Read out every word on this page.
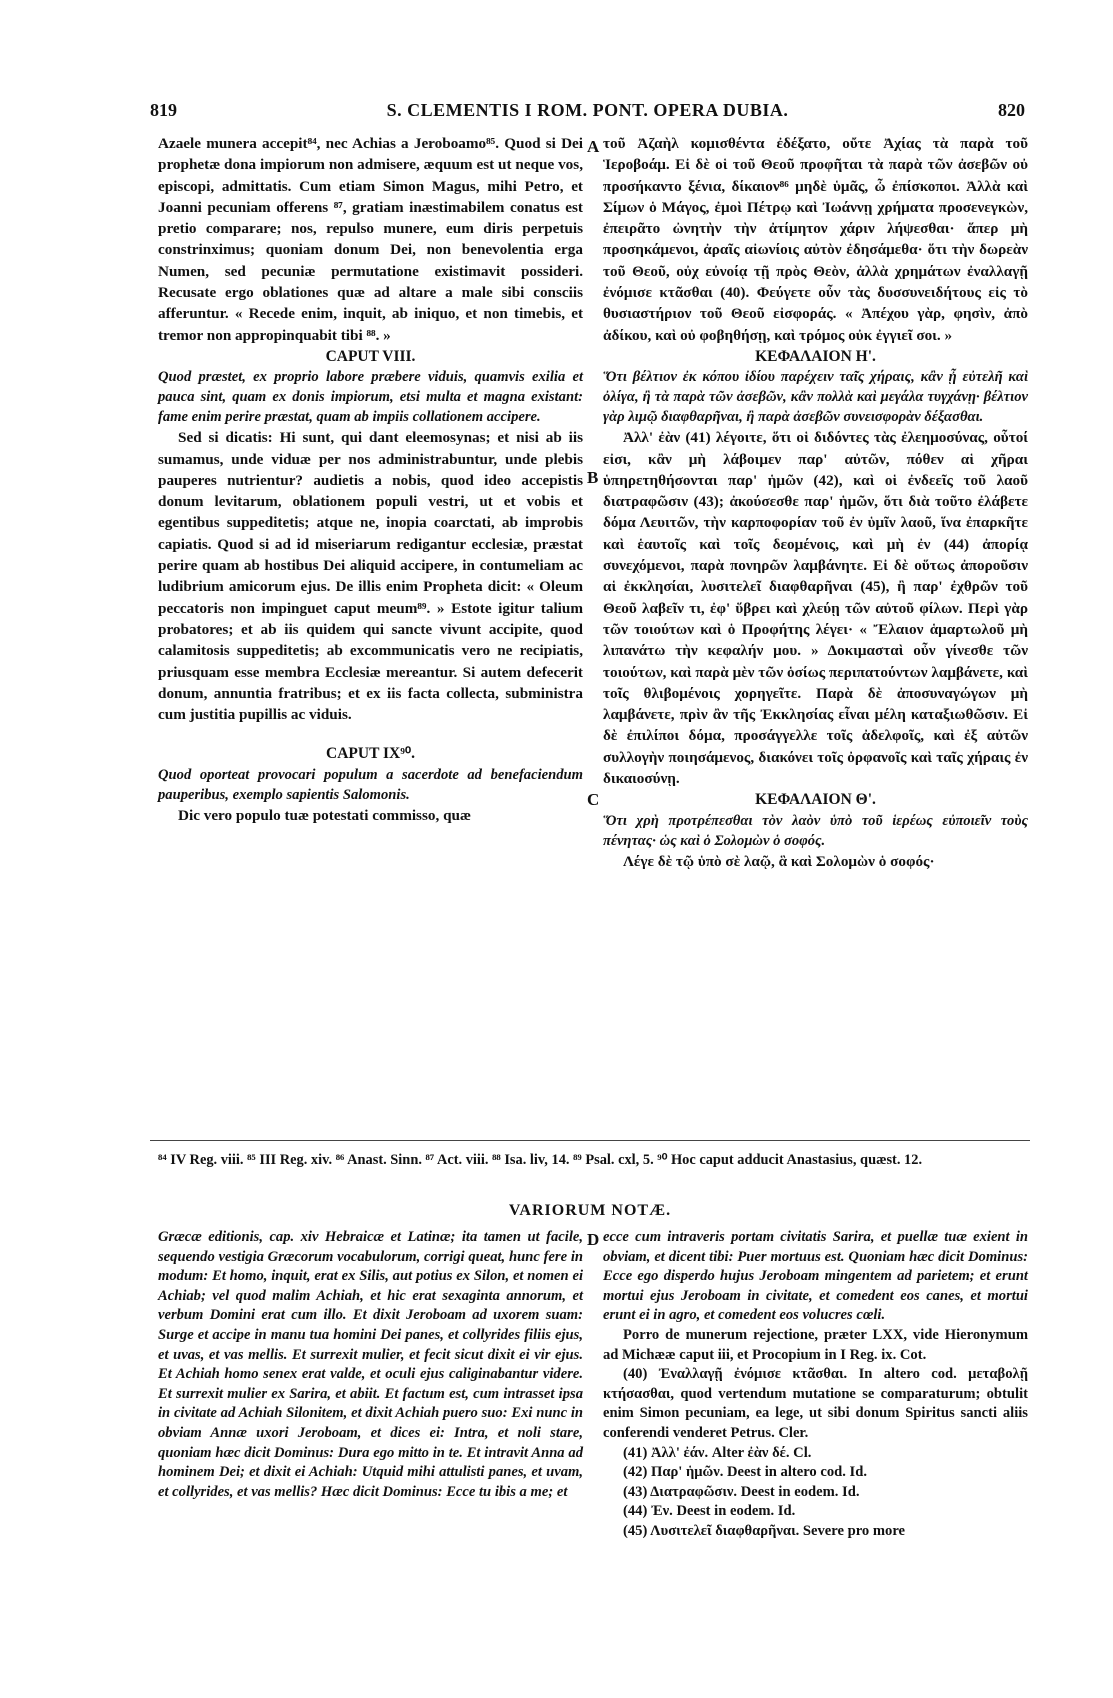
819	S. CLEMENTIS I ROM. PONT. OPERA DUBIA.	820

Azaele munera accepit⁸⁴, nec Achias a Jeroboamo⁸⁵. Quod si Dei prophetæ dona impiorum non admisere, æquum est ut neque vos, episcopi, admittatis. Cum etiam Simon Magus, mihi Petro, et Joanni pecuniam offerens ⁸⁷, gratiam inæstimabilem conatus est pretio comparare; nos, repulso munere, eum diris perpetuis constrinximus; quoniam donum Dei, non benevolentia erga Numen, sed pecuniæ permutatione existimavit possideri. Recusate ergo oblationes quæ ad altare a male sibi consciis afferuntur. « Recede enim, inquit, ab iniquo, et non timebis, et tremor non appropinquabit tibi ⁸⁸. »

CAPUT VIII.

Quod præstet, ex proprio labore præbere viduis, quamvis exilia et pauca sint, quam ex donis impiorum, etsi multa et magna existant: fame enim perire præstat, quam ab impiis collationem accipere.

Sed si dicatis: Hi sunt, qui dant eleemosynas; et nisi ab iis sumamus, unde viduæ per nos administrabuntur, unde plebis pauperes nutrientur? audietis a nobis, quod ideo accepistis donum levitarum, oblationem populi vestri, ut et vobis et egentibus suppeditetis; atque ne, inopia coarctati, ab improbis capiatis. Quod si ad id miseriarum redigantur ecclesiæ, præstat perire quam ab hostibus Dei aliquid accipere, in contumeliam ac ludibrium amicorum ejus. De illis enim Propheta dicit: « Oleum peccatoris non impinguet caput meum⁸⁹. » Estote igitur talium probatores; et ab iis quidem qui sancte vivunt accipite, quod calamitosis suppeditetis; ab excommunicatis vero ne recipiatis, priusquam esse membra Ecclesiæ mereantur. Si autem defecerit donum, annuntia fratribus; et ex iis facta collecta, subministra cum justitia pupillis ac viduis.

CAPUT IX⁹⁰.

Quod oporteat provocari populum a sacerdote ad benefaciendum pauperibus, exemplo sapientis Salomonis.

Dic vero populo tuæ potestati commisso, quæ

τοῦ Ἀζαὴλ κομισθέντα ἐδέξατο, οὔτε Ἀχίας τὰ παρὰ τοῦ Ἱεροβοάμ. Εἰ δὲ οἱ τοῦ Θεοῦ προφῆται τὰ παρὰ τῶν ἀσεβῶν οὐ προσήκαντο ξένια, δίκαιον⁸⁶ μηδὲ ὑμᾶς, ὦ ἐπίσκοποι. Ἀλλὰ καὶ Σίμων ὁ Μάγος, ἐμοὶ Πέτρῳ καὶ Ἰωάννῃ χρήματα προσενεγκὼν, ἐπειρᾶτο ὠνητὴν τὴν ἀτίμητον χάριν λήψεσθαι· ἅπερ μὴ προσηκάμενοι, ἀραῖς αἰωνίοις αὐτὸν ἐδησάμεθα· ὅτι τὴν δωρεὰν τοῦ Θεοῦ, οὐχ εὐνοίᾳ τῇ πρὸς Θεὸν, ἀλλὰ χρημάτων ἐναλλαγῇ ἐνόμισε κτᾶσθαι (40). Φεύγετε οὖν τὰς δυσσυνειδήτους εἰς τὸ θυσιαστήριον τοῦ Θεοῦ εἰσφοράς. « Ἀπέχου γὰρ, φησὶν, ἀπὸ ἀδίκου, καὶ οὐ φοβηθήσῃ, καὶ τρόμος οὐκ ἐγγιεῖ σοι. »

ΚΕΦΑΛΑΙΟΝ Η'.

Ὅτι βέλτιον ἐκ κόπου ἰδίου παρέχειν ταῖς χήραις, κἂν ᾖ εὐτελῆ καὶ ὀλίγα, ἢ τὰ παρὰ τῶν ἀσεβῶν, κἂν πολλὰ καὶ μεγάλα τυγχάνῃ· βέλτιον γὰρ λιμῷ διαφθαρῆναι, ἢ παρὰ ἀσεβῶν συνεισφορὰν δέξασθαι.

Ἀλλ' ἐὰν (41) λέγοιτε, ὅτι οἱ διδόντες τὰς ἐλεημοσύνας, οὗτοί εἰσι, κἂν μὴ λάβοιμεν παρ' αὐτῶν, πόθεν αἱ χῆραι ὑπηρετηθήσονται παρ' ἡμῶν (42), καὶ οἱ ἐνδεεῖς τοῦ λαοῦ διατραφῶσιν (43); ἀκούσεσθε παρ' ἡμῶν, ὅτι διὰ τοῦτο ἐλάβετε δόμα Λευιτῶν, τὴν καρποφορίαν τοῦ ἐν ὑμῖν λαοῦ, ἵνα ἐπαρκῆτε καὶ ἑαυτοῖς καὶ τοῖς δεομένοις, καὶ μὴ ἐν (44) ἀπορίᾳ συνεχόμενοι, παρὰ πονηρῶν λαμβάνητε. Εἰ δὲ οὕτως ἀποροῦσιν αἱ ἐκκλησίαι, λυσιτελεῖ διαφθαρῆναι (45), ἢ παρ' ἐχθρῶν τοῦ Θεοῦ λαβεῖν τι, ἐφ' ὕβρει καὶ χλεύῃ τῶν αὐτοῦ φίλων. Περὶ γὰρ τῶν τοιούτων καὶ ὁ Προφήτης λέγει· « Ἔλαιον ἁμαρτωλοῦ μὴ λιπανάτω τὴν κεφαλήν μου. » Δοκιμασταὶ οὖν γίνεσθε τῶν τοιούτων, καὶ παρὰ μὲν τῶν ὁσίως περιπατούντων λαμβάνετε, καὶ τοῖς θλιβομένοις χορηγεῖτε. Παρὰ δὲ ἀποσυναγώγων μὴ λαμβάνετε, πρὶν ἂν τῆς Ἐκκλησίας εἶναι μέλη καταξιωθῶσιν. Εἰ δὲ ἐπιλίποι δόμα, προσάγγελλε τοῖς ἀδελφοῖς, καὶ ἐξ αὐτῶν συλλογὴν ποιησάμενος, διακόνει τοῖς ὀρφανοῖς καὶ ταῖς χήραις ἐν δικαιοσύνῃ.

ΚΕΦΑΛΑΙΟΝ Θ'.

Ὅτι χρὴ προτρέπεσθαι τὸν λαὸν ὑπὸ τοῦ ἱερέως εὐποιεῖν τοὺς πένητας· ὡς καὶ ὁ Σολομὼν ὁ σοφός.

Λέγε δὲ τῷ ὑπὸ σὲ λαῷ, ἃ καὶ Σολομὼν ὁ σοφός·

A
B
C
D
⁸⁴ IV Reg. viii. ⁸⁵ III Reg. xiv. ⁸⁶ Anast. Sinn. ⁸⁷ Act. viii. ⁸⁸ Isa. liv, 14. ⁸⁹ Psal. cxl, 5. ⁹⁰ Hoc caput adducit Anastasius, quæst. 12.
VARIORUM NOTÆ.

Græcæ editionis, cap. xiv Hebraicæ et Latinæ; ita tamen ut facile, sequendo vestigia Græcorum vocabulorum, corrigi queat, hunc fere in modum: Et homo, inquit, erat ex Silis, aut potius ex Silon, et nomen ei Achiab; vel quod malim Achiah, et hic erat sexaginta annorum, et verbum Domini erat cum illo. Et dixit Jeroboam ad uxorem suam: Surge et accipe in manu tua homini Dei panes, et collyrides filiis ejus, et uvas, et vas mellis. Et surrexit mulier, et fecit sicut dixit ei vir ejus. Et Achiah homo senex erat valde, et oculi ejus caliginabantur videre. Et surrexit mulier ex Sarira, et abiit. Et factum est, cum intrasset ipsa in civitate ad Achiah Silonitem, et dixit Achiah puero suo: Exi nunc in obviam Annæ uxori Jeroboam, et dices ei: Intra, et noli stare, quoniam hæc dicit Dominus: Dura ego mitto in te. Et intravit Anna ad hominem Dei; et dixit ei Achiah: Utquid mihi attulisti panes, et uvam, et collyrides, et vas mellis? Hæc dicit Dominus: Ecce tu ibis a me; et

ecce cum intraveris portam civitatis Sarira, et puellæ tuæ exient in obviam, et dicent tibi: Puer mortuus est. Quoniam hæc dicit Dominus: Ecce ego disperdo hujus Jeroboam mingentem ad parietem; et erunt mortui ejus Jeroboam in civitate, et comedent eos canes, et mortui erunt ei in agro, et comedent eos volucres cœli.

Porro de munerum rejectione, præter LXX, vide Hieronymum ad Michææ caput iii, et Procopium in I Reg. ix. Cot.

(40) Ἐναλλαγῇ ἐνόμισε κτᾶσθαι. In altero cod. μεταβολῇ κτήσασθαι, quod vertendum mutatione se comparaturum; obtulit enim Simon pecuniam, ea lege, ut sibi donum Spiritus sancti aliis conferendi venderet Petrus. Cler.

(41) Ἀλλ' ἐάν. Alter ἐὰν δέ. Cl.

(42) Παρ' ἡμῶν. Deest in altero cod. Id.

(43) Διατραφῶσιν. Deest in eodem. Id.

(44) Ἐν. Deest in eodem. Id.

(45) Λυσιτελεῖ διαφθαρῆναι. Severe pro more
